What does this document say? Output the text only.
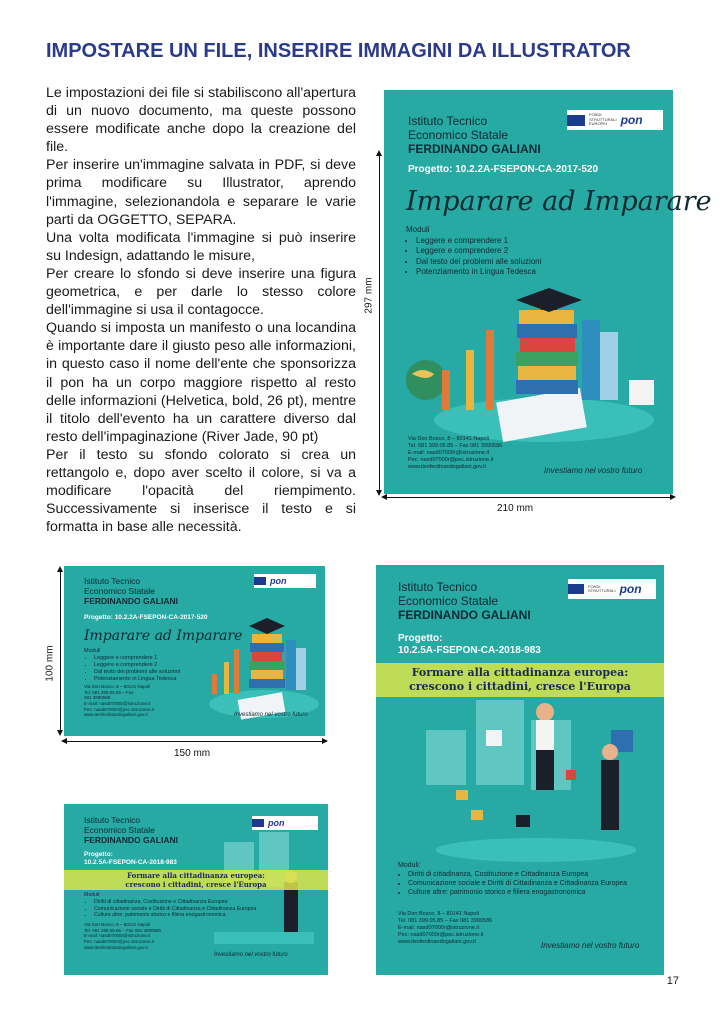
IMPOSTARE UN FILE, INSERIRE IMMAGINI DA ILLUSTRATOR

Le impostazioni dei file si stabiliscono all'apertura di un nuovo documento, ma queste possono essere modificate anche dopo la creazione del file.

Per inserire un'immagine salvata in PDF, si deve prima modificare su Illustrator, aprendo l'immagine, selezionandola e separare le varie parti da OGGETTO, SEPARA.

Una volta modificata l'immagine si può inserire su Indesign, adattando le misure,

Per creare lo sfondo si deve inserire una figura geometrica, e per darle lo stesso colore dell'immagine si usa il contagocce.

Quando si imposta un manifesto o una locandina è importante dare il giusto peso alle informazioni, in questo caso il nome dell'ente che sponsorizza il pon ha un corpo maggiore rispetto al resto delle informazioni (Helvetica, bold, 26 pt), mentre il titolo dell'evento ha un carattere diverso dal resto dell'impaginazione (River Jade, 90 pt)

Per il testo su sfondo colorato si crea un rettangolo e, dopo aver scelto il colore, si va a modificare l'opacità del riempimento. Successivamente si inserisce il testo e si formatta in base alle necessità.

297 mm
FONDI
STRUTTURALI
EUROPEI	pon
Istituto Tecnico
Economico Statale
FERDINANDO GALIANI
Progetto: 10.2.2A-FSEPON-CA-2017-520
Imparare ad Imparare
Moduli
• Leggere e comprendere 1
• Leggere e comprendere 2
• Dal testo dei problemi alle soluzioni
• Potenziamento in Lingua Tedesca
Via Don Bosco, 8 – 80141 Napoli
Tel. 081 399.05.85 – Fax 081 3990586
E-mail: nasd07000r@istruzione.it
Pec: nasd07000r@pec.istruzione.it
www.itesferdinandogaliani.gov.it	Investiamo nel vostro futuro
210 mm
100 mm
pon
Istituto Tecnico
Economico Statale
FERDINANDO GALIANI
Progetto: 10.2.2A-FSEPON-CA-2017-520
Imparare ad Imparare
Moduli
• Leggere e comprendere 1
• Leggere e comprendere 2
• Dal testo dei problemi alle soluzioni
• Potenziamento in Lingua Tedesca
Via Don Bosco, 8 – 80141 Napoli
Tel. 081 399.05.85 – Fax
081 3990586
E-mail: nasd07000r@istruzione.it
Pec: nasd07000r@pec.istruzione.it
www.itesferdinandogaliani.gov.it	Investiamo nel vostro futuro
150 mm
pon
Istituto Tecnico
Economico Statale
FERDINANDO GALIANI
Progetto:
10.2.5A-FSEPON-CA-2018-983
Formare alla cittadinanza europea:
crescono i cittadini, cresce l'Europa
Moduli:
• Diritti di cittadinanza, Costituzione e Cittadinanza Europea
• Comunicazione sociale e Diritti di Cittadinanza e Cittadinanza Europea
• Culture altre: patrimonio storico e filiera enogastronomica
Via Don Bosco, 8 – 80141 Napoli
Tel. 081 399.05.85 – Fax 081 3990586
E-mail: nasd07000r@istruzione.it
Pec: nasd07000r@pec.istruzione.it
www.itesferdinandogaliani.gov.it
Investiamo nel vostro futuro
FONDI
STRUTTURALI pon
Istituto Tecnico
Economico Statale
FERDINANDO GALIANI
Progetto:
10.2.5A-FSEPON-CA-2018-983
Formare alla cittadinanza europea:
crescono i cittadini, cresce l'Europa
Moduli:
• Diritti di cittadinanza, Costituzione e Cittadinanza Europea
• Comunicazione sociale e Diritti di Cittadinanza e Cittadinanza Europea
• Culture altre: patrimonio storico e filiera enogastronomica
Via Don Bosco, 8 – 80141 Napoli
Tel. 081 399.05.85 – Fax 081 3990586
E-mail: nasd07000r@istruzione.it
Pec: nasd07000r@pec.istruzione.it
www.itesferdinandogaliani.gov.it	Investiamo nel vostro futuro
17
